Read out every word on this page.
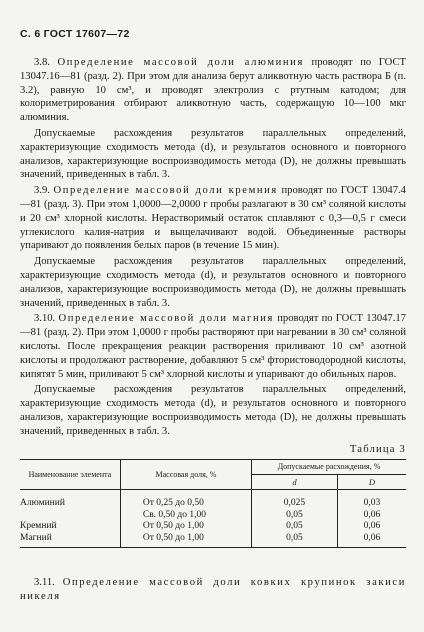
С. 6 ГОСТ 17607—72

3.8. Определение массовой доли алюминия проводят по ГОСТ 13047.16—81 (разд. 2). При этом для анализа берут аликвотную часть раствора Б (п. 3.2), равную 10 см³, и проводят электролиз с ртутным катодом; для колориметрирования отбирают аликвотную часть, содержащую 10—100 мкг алюминия.

Допускаемые расхождения результатов параллельных определений, характеризующие сходимость метода (d), и результатов основного и повторного анализов, характеризующие воспроизводимость метода (D), не должны превышать значений, приведенных в табл. 3.

3.9. Определение массовой доли кремния проводят по ГОСТ 13047.4—81 (разд. 3). При этом 1,0000—2,0000 г пробы разлагают в 30 см³ соляной кислоты и 20 см³ хлорной кислоты. Нерастворимый остаток сплавляют с 0,3—0,5 г смеси углекислого калия-натрия и выщелачивают водой. Объединенные растворы упаривают до появления белых паров (в течение 15 мин).

Допускаемые расхождения результатов параллельных определений, характеризующие сходимость метода (d), и результатов основного и повторного анализов, характеризующие воспроизводимость метода (D), не должны превышать значений, приведенных в табл. 3.

3.10. Определение массовой доли магния проводят по ГОСТ 13047.17—81 (разд. 2). При этом 1,0000 г пробы растворяют при нагревании в 30 см³ соляной кислоты. После прекращения реакции растворения приливают 10 см³ азотной кислоты и продолжают растворение, добавляют 5 см³ фтористоводородной кислоты, кипятят 5 мин, приливают 5 см³ хлорной кислоты и упаривают до обильных паров.

Допускаемые расхождения результатов параллельных определений, характеризующие сходимость метода (d), и результатов основного и повторного анализов, характеризующие воспроизводимость метода (D), не должны превышать значений, приведенных в табл. 3.

Таблица 3
Наименование элемента	Массовая доля, %	Допускаемые расхождения, %	
		d	D
Алюминий	От 0,25 до 0,50	0,025	0,03
	Св. 0,50 до 1,00	0,05	0,06
Кремний	От 0,50 до 1,00	0,05	0,06
Магний	От 0,50 до 1,00	0,05	0,06

3.11. Определение массовой доли ковких крупинок закиси никеля
